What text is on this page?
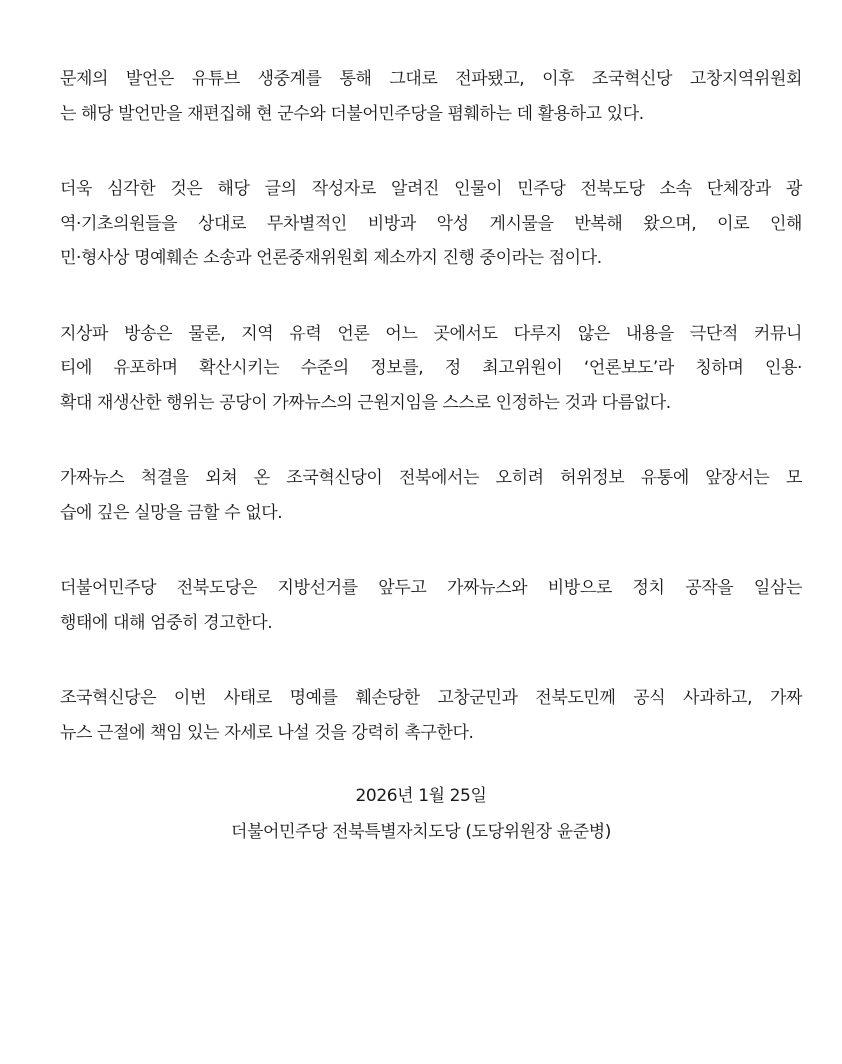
문제의 발언은 유튜브 생중계를 통해 그대로 전파됐고, 이후 조국혁신당 고창지역위원회
는 해당 발언만을 재편집해 현 군수와 더불어민주당을 폄훼하는 데 활용하고 있다.
더욱 심각한 것은 해당 글의 작성자로 알려진 인물이 민주당 전북도당 소속 단체장과 광
역·기초의원들을 상대로 무차별적인 비방과 악성 게시물을 반복해 왔으며, 이로 인해
민·형사상 명예훼손 소송과 언론중재위원회 제소까지 진행 중이라는 점이다.
지상파 방송은 물론, 지역 유력 언론 어느 곳에서도 다루지 않은 내용을 극단적 커뮤니
티에 유포하며 확산시키는 수준의 정보를, 정 최고위원이 ‘언론보도’라 칭하며 인용·
확대 재생산한 행위는 공당이 가짜뉴스의 근원지임을 스스로 인정하는 것과 다름없다.
가짜뉴스 척결을 외쳐 온 조국혁신당이 전북에서는 오히려 허위정보 유통에 앞장서는 모
습에 깊은 실망을 금할 수 없다.
더불어민주당 전북도당은 지방선거를 앞두고 가짜뉴스와 비방으로 정치 공작을 일삼는
행태에 대해 엄중히 경고한다.
조국혁신당은 이번 사태로 명예를 훼손당한 고창군민과 전북도민께 공식 사과하고, 가짜
뉴스 근절에 책임 있는 자세로 나설 것을 강력히 촉구한다.
2026년 1월 25일
더불어민주당 전북특별자치도당 (도당위원장 윤준병)
